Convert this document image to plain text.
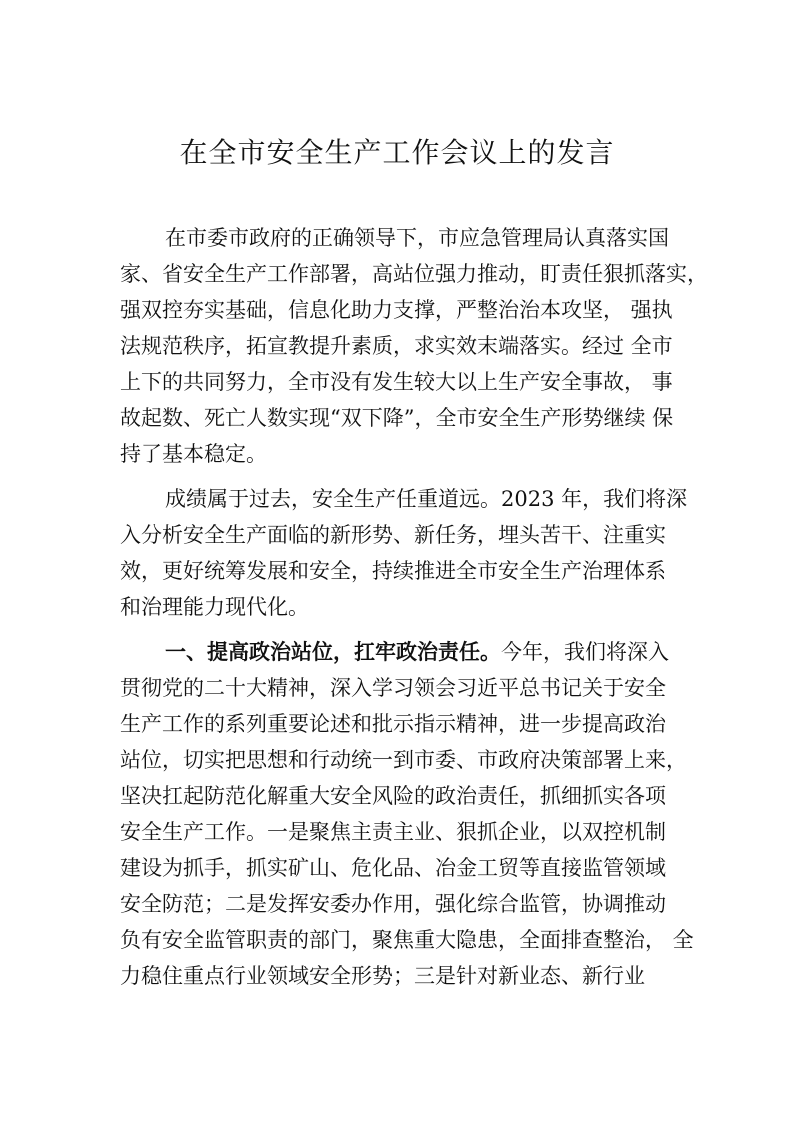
在全市安全生产工作会议上的发言

在市委市政府的正确领导下，市应急管理局认真落实国

家、省安全生产工作部署，高站位强力推动，盯责任狠抓落实，

强双控夯实基础，信息化助力支撑，严整治治本攻坚， 强执

法规范秩序，拓宣教提升素质，求实效末端落实。经过 全市

上下的共同努力，全市没有发生较大以上生产安全事故， 事

故起数、死亡人数实现“双下降”，全市安全生产形势继续 保

持了基本稳定。

成绩属于过去，安全生产任重道远。2023 年，我们将深

入分析安全生产面临的新形势、新任务，埋头苦干、注重实

效，更好统筹发展和安全，持续推进全市安全生产治理体系

和治理能力现代化。

一、提高政治站位，扛牢政治责任。今年，我们将深入

贯彻党的二十大精神，深入学习领会习近平总书记关于安全

生产工作的系列重要论述和批示指示精神，进一步提高政治

站位，切实把思想和行动统一到市委、市政府决策部署上来，

坚决扛起防范化解重大安全风险的政治责任，抓细抓实各项

安全生产工作。一是聚焦主责主业、狠抓企业，以双控机制

建设为抓手，抓实矿山、危化品、冶金工贸等直接监管领域

安全防范；二是发挥安委办作用，强化综合监管，协调推动

负有安全监管职责的部门，聚焦重大隐患，全面排查整治， 全

力稳住重点行业领域安全形势；三是针对新业态、新行业
